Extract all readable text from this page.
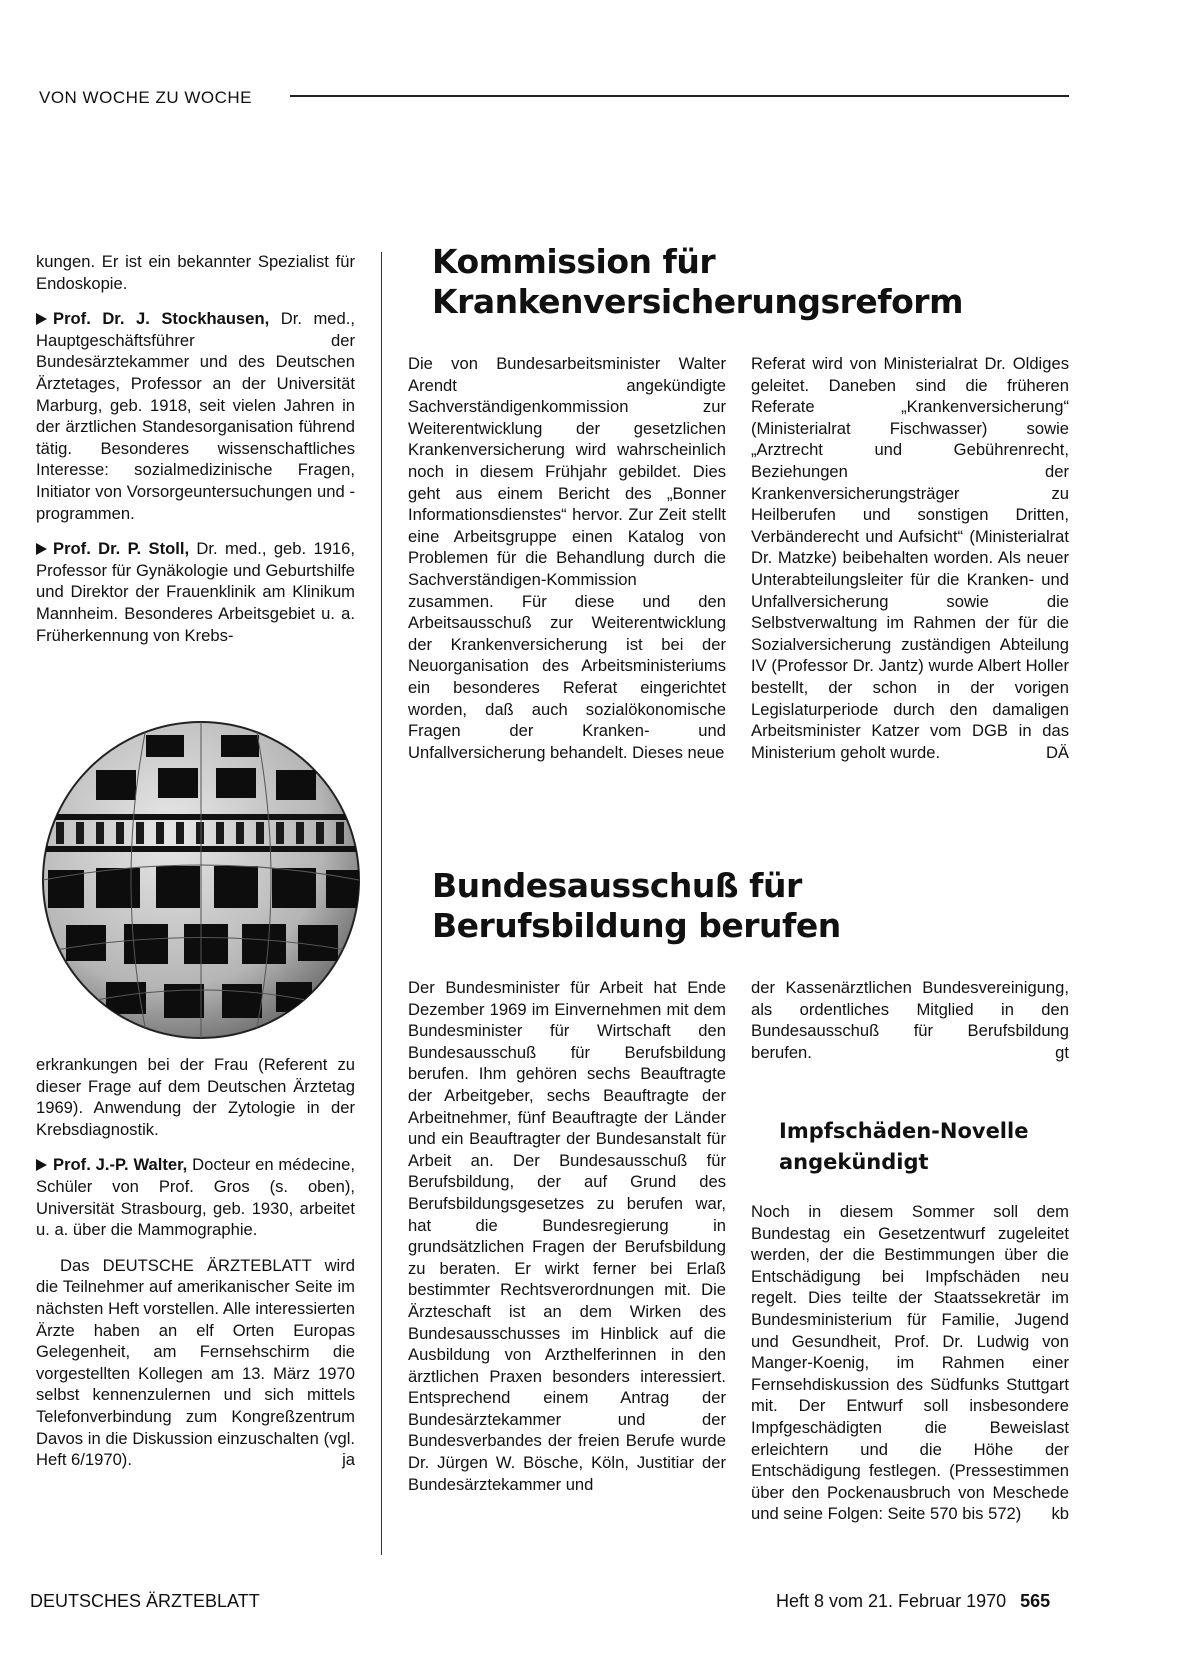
VON WOCHE ZU WOCHE

kungen. Er ist ein bekannter Spezialist für Endoskopie.

Prof. Dr. J. Stockhausen, Dr. med., Hauptgeschäftsführer der Bundesärztekammer und des Deutschen Ärztetages, Professor an der Universität Marburg, geb. 1918, seit vielen Jahren in der ärztlichen Standesorganisation führend tätig. Besonderes wissenschaftliches Interesse: sozialmedizinische Fragen, Initiator von Vorsorgeuntersuchungen und -programmen.

Prof. Dr. P. Stoll, Dr. med., geb. 1916, Professor für Gynäkologie und Geburtshilfe und Direktor der Frauenklinik am Klinikum Mannheim. Besonderes Arbeitsgebiet u. a. Früherkennung von Krebs-

erkrankungen bei der Frau (Referent zu dieser Frage auf dem Deutschen Ärztetag 1969). Anwendung der Zytologie in der Krebsdiagnostik.

Prof. J.-P. Walter, Docteur en médecine, Schüler von Prof. Gros (s. oben), Universität Strasbourg, geb. 1930, arbeitet u. a. über die Mammographie.

Das DEUTSCHE ÄRZTEBLATT wird die Teilnehmer auf amerikanischer Seite im nächsten Heft vorstellen. Alle interessierten Ärzte haben an elf Orten Europas Gelegenheit, am Fernsehschirm die vorgestellten Kollegen am 13. März 1970 selbst kennenzulernen und sich mittels Telefonverbindung zum Kongreßzentrum Davos in die Diskussion einzuschalten (vgl. Heft 6/1970).	ja

Kommission für
Krankenversicherungsreform
Die von Bundesarbeitsminister Walter Arendt angekündigte Sachverständigenkommission zur Weiterentwicklung der gesetzlichen Krankenversicherung wird wahrscheinlich noch in diesem Frühjahr gebildet. Dies geht aus einem Bericht des „Bonner Informationsdienstes“ hervor. Zur Zeit stellt eine Arbeitsgruppe einen Katalog von Problemen für die Behandlung durch die Sachverständigen-Kommission zusammen. Für diese und den Arbeitsausschuß zur Weiterentwicklung der Krankenversicherung ist bei der Neuorganisation des Arbeitsministeriums ein besonderes Referat eingerichtet worden, daß auch sozialökonomische Fragen der Kranken- und Unfallversicherung behandelt. Dieses neue
Referat wird von Ministerialrat Dr. Oldiges geleitet. Daneben sind die früheren Referate „Krankenversicherung“ (Ministerialrat Fischwasser) sowie „Arztrecht und Gebührenrecht, Beziehungen der Krankenversicherungsträger zu Heilberufen und sonstigen Dritten, Verbänderecht und Aufsicht“ (Ministerialrat Dr. Matzke) beibehalten worden. Als neuer Unterabteilungsleiter für die Kranken- und Unfallversicherung sowie die Selbstverwaltung im Rahmen der für die Sozialversicherung zuständigen Abteilung IV (Professor Dr. Jantz) wurde Albert Holler bestellt, der schon in der vorigen Legislaturperiode durch den damaligen Arbeitsminister Katzer vom DGB in das Ministerium geholt wurde.	DÄ
Bundesausschuß für
Berufsbildung berufen
Der Bundesminister für Arbeit hat Ende Dezember 1969 im Einvernehmen mit dem Bundesminister für Wirtschaft den Bundesausschuß für Berufsbildung berufen. Ihm gehören sechs Beauftragte der Arbeitgeber, sechs Beauftragte der Arbeitnehmer, fünf Beauftragte der Länder und ein Beauftragter der Bundesanstalt für Arbeit an. Der Bundesausschuß für Berufsbildung, der auf Grund des Berufsbildungsgesetzes zu berufen war, hat die Bundesregierung in grundsätzlichen Fragen der Berufsbildung zu beraten. Er wirkt ferner bei Erlaß bestimmter Rechtsverordnungen mit. Die Ärzteschaft ist an dem Wirken des Bundesausschusses im Hinblick auf die Ausbildung von Arzthelferinnen in den ärztlichen Praxen besonders interessiert. Entsprechend einem Antrag der Bundesärztekammer und der Bundesverbandes der freien Berufe wurde Dr. Jürgen W. Bösche, Köln, Justitiar der Bundesärztekammer und
der Kassenärztlichen Bundesvereinigung, als ordentliches Mitglied in den Bundesausschuß für Berufsbildung berufen.	gt
Impfschäden-Novelle
angekündigt
Noch in diesem Sommer soll dem Bundestag ein Gesetzentwurf zugeleitet werden, der die Bestimmungen über die Entschädigung bei Impfschäden neu regelt. Dies teilte der Staatssekretär im Bundesministerium für Familie, Jugend und Gesundheit, Prof. Dr. Ludwig von Manger-Koenig, im Rahmen einer Fernsehdiskussion des Südfunks Stuttgart mit. Der Entwurf soll insbesondere Impfgeschädigten die Beweislast erleichtern und die Höhe der Entschädigung festlegen. (Pressestimmen über den Pockenausbruch von Meschede und seine Folgen: Seite 570 bis 572) kb
DEUTSCHES ÄRZTEBLATT	Heft 8 vom 21. Februar 1970 565
